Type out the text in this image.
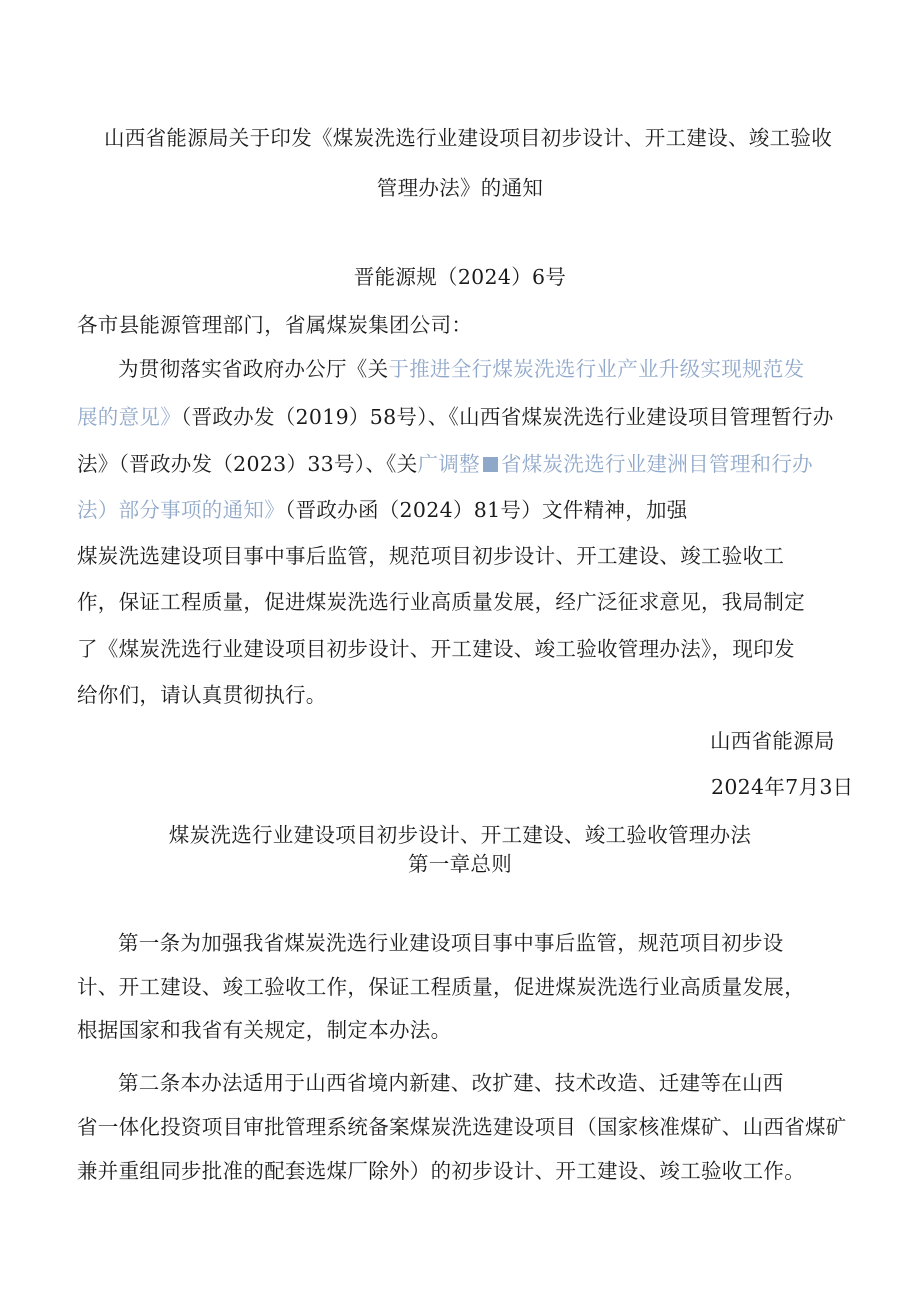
山西省能源局关于印发《煤炭洗选行业建设项目初步设计、开工建设、竣工验收
管理办法》的通知
晋能源规（2024）6号
各市县能源管理部门，省属煤炭集团公司：
为贯彻落实省政府办公厅《关于推进全行煤炭洗选行业产业升级实现规范发
展的意见》（晋政办发（2019）58号）、《山西省煤炭洗选行业建设项目管理暂行办
法》（晋政办发（2023）33号）、《关广调整 省煤炭洗选行业建洲目管理和行办
法）部分事项的通知》（晋政办函（2024）81号）文件精神，加强
煤炭洗选建设项目事中事后监管，规范项目初步设计、开工建设、竣工验收工
作，保证工程质量，促进煤炭洗选行业高质量发展，经广泛征求意见，我局制定
了《煤炭洗选行业建设项目初步设计、开工建设、竣工验收管理办法》，现印发
给你们，请认真贯彻执行。
山西省能源局
2024年7月3日
煤炭洗选行业建设项目初步设计、开工建设、竣工验收管理办法
第一章总则
第一条为加强我省煤炭洗选行业建设项目事中事后监管，规范项目初步设
计、开工建设、竣工验收工作，保证工程质量，促进煤炭洗选行业高质量发展，
根据国家和我省有关规定，制定本办法。
第二条本办法适用于山西省境内新建、改扩建、技术改造、迁建等在山西
省一体化投资项目审批管理系统备案煤炭洗选建设项目（国家核准煤矿、山西省煤矿
兼并重组同步批准的配套选煤厂除外）的初步设计、开工建设、竣工验收工作。
